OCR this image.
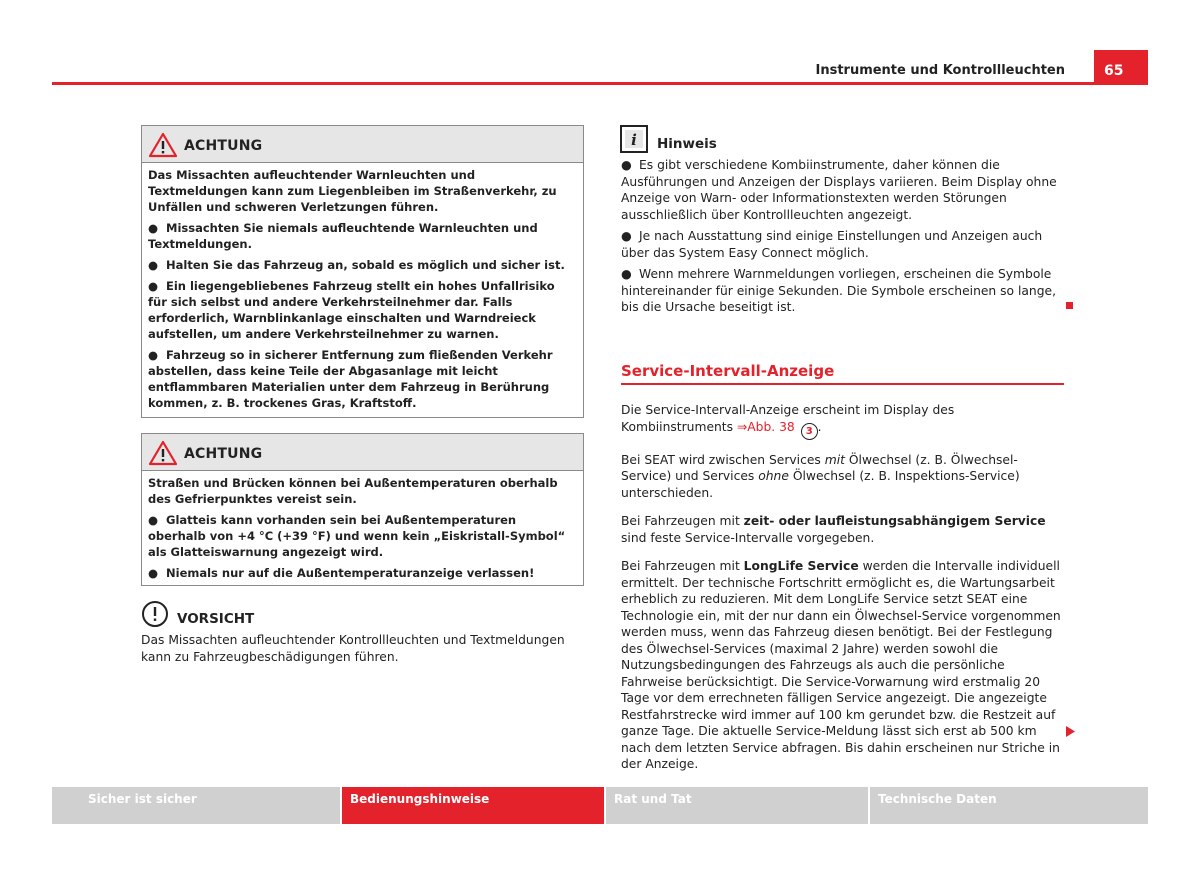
Instrumente und Kontrollleuchten	65
ACHTUNG

Das Missachten aufleuchtender Warnleuchten und Textmeldungen kann zum Liegenbleiben im Straßenverkehr, zu Unfällen und schweren Verletzungen führen.

● Missachten Sie niemals aufleuchtende Warnleuchten und Textmeldungen.

● Halten Sie das Fahrzeug an, sobald es möglich und sicher ist.

● Ein liegengebliebenes Fahrzeug stellt ein hohes Unfallrisiko für sich selbst und andere Verkehrsteilnehmer dar. Falls erforderlich, Warnblinkanlage einschalten und Warndreieck aufstellen, um andere Verkehrsteilnehmer zu warnen.

● Fahrzeug so in sicherer Entfernung zum fließenden Verkehr abstellen, dass keine Teile der Abgasanlage mit leicht entflammbaren Materialien unter dem Fahrzeug in Berührung kommen, z. B. trockenes Gras, Kraftstoff.

ACHTUNG

Straßen und Brücken können bei Außentemperaturen oberhalb des Gefrierpunktes vereist sein.

● Glatteis kann vorhanden sein bei Außentemperaturen oberhalb von +4 °C (+39 °F) und wenn kein „Eiskristall-Symbol“ als Glatteiswarnung angezeigt wird.

● Niemals nur auf die Außentemperaturanzeige verlassen!

VORSICHT
Das Missachten aufleuchtender Kontrollleuchten und Textmeldungen kann zu Fahrzeugbeschädigungen führen.
i Hinweis

● Es gibt verschiedene Kombiinstrumente, daher können die Ausführungen und Anzeigen der Displays variieren. Beim Display ohne Anzeige von Warn- oder Informationstexten werden Störungen ausschließlich über Kontrollleuchten angezeigt.

● Je nach Ausstattung sind einige Einstellungen und Anzeigen auch über das System Easy Connect möglich.

● Wenn mehrere Warnmeldungen vorliegen, erscheinen die Symbole hintereinander für einige Sekunden. Die Symbole erscheinen so lange, bis die Ursache beseitigt ist.

Service-Intervall-Anzeige

Die Service-Intervall-Anzeige erscheint im Display des Kombiinstruments ⇒Abb. 38 3 .

Bei SEAT wird zwischen Services mit Ölwechsel (z. B. Ölwechsel-Service) und Services ohne Ölwechsel (z. B. Inspektions-Service) unterschieden.

Bei Fahrzeugen mit zeit- oder laufleistungsabhängigem Service sind feste Service-Intervalle vorgegeben.

Bei Fahrzeugen mit LongLife Service werden die Intervalle individuell ermittelt. Der technische Fortschritt ermöglicht es, die Wartungsarbeit erheblich zu reduzieren. Mit dem LongLife Service setzt SEAT eine Technologie ein, mit der nur dann ein Ölwechsel-Service vorgenommen werden muss, wenn das Fahrzeug diesen benötigt. Bei der Festlegung des Ölwechsel-Services (maximal 2 Jahre) werden sowohl die Nutzungsbedingungen des Fahrzeugs als auch die persönliche Fahrweise berücksichtigt. Die Service-Vorwarnung wird erstmalig 20 Tage vor dem errechneten fälligen Service angezeigt. Die angezeigte Restfahrstrecke wird immer auf 100 km gerundet bzw. die Restzeit auf ganze Tage. Die aktuelle Service-Meldung lässt sich erst ab 500 km nach dem letzten Service abfragen. Bis dahin erscheinen nur Striche in der Anzeige.

Sicher ist sicher	Bedienungshinweise	Rat und Tat	Technische Daten
